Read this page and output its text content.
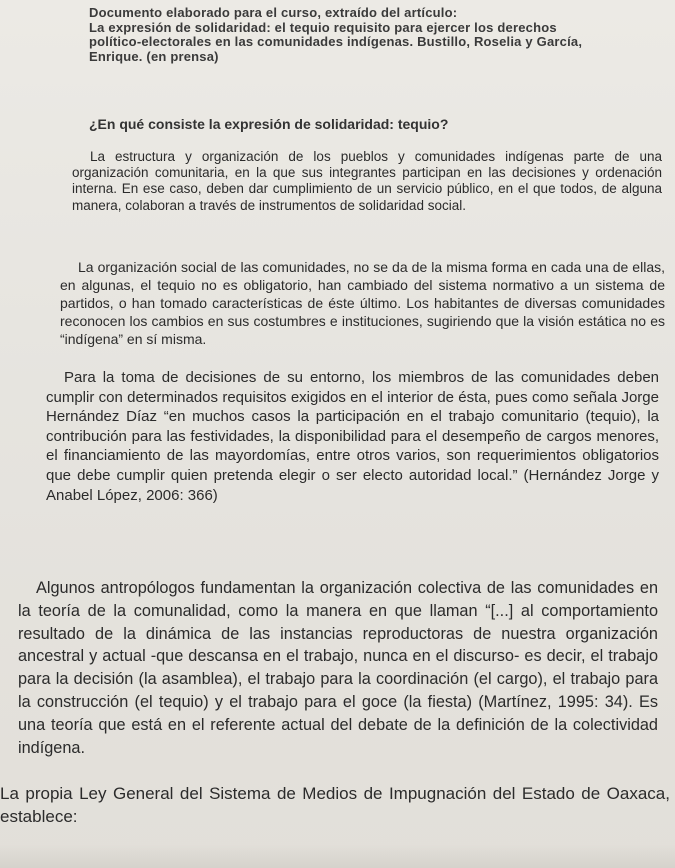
Documento elaborado para el curso, extraído del artículo:
La expresión de solidaridad: el tequio requisito para ejercer los derechos
político-electorales en las comunidades indígenas. Bustillo, Roselia y García,
Enrique. (en prensa)
¿En qué consiste la expresión de solidaridad: tequio?
La estructura y organización de los pueblos y comunidades indígenas parte de una organización comunitaria, en la que sus integrantes participan en las decisiones y ordenación interna. En ese caso, deben dar cumplimiento de un servicio público, en el que todos, de alguna manera, colaboran a través de instrumentos de solidaridad social.
La organización social de las comunidades, no se da de la misma forma en cada una de ellas, en algunas, el tequio no es obligatorio, han cambiado del sistema normativo a un sistema de partidos, o han tomado características de éste último. Los habitantes de diversas comunidades reconocen los cambios en sus costumbres e instituciones, sugiriendo que la visión estática no es “indígena” en sí misma.
Para la toma de decisiones de su entorno, los miembros de las comunidades deben cumplir con determinados requisitos exigidos en el interior de ésta, pues como señala Jorge Hernández Díaz “en muchos casos la participación en el trabajo comunitario (tequio), la contribución para las festividades, la disponibilidad para el desempeño de cargos menores, el financiamiento de las mayordomías, entre otros varios, son requerimientos obligatorios que debe cumplir quien pretenda elegir o ser electo autoridad local.” (Hernández Jorge y Anabel López, 2006: 366)
Algunos antropólogos fundamentan la organización colectiva de las comunidades en la teoría de la comunalidad, como la manera en que llaman “[...] al comportamiento resultado de la dinámica de las instancias reproductoras de nuestra organización ancestral y actual -que descansa en el trabajo, nunca en el discurso- es decir, el trabajo para la decisión (la asamblea), el trabajo para la coordinación (el cargo), el trabajo para la construcción (el tequio) y el trabajo para el goce (la fiesta) (Martínez, 1995: 34). Es una teoría que está en el referente actual del debate de la definición de la colectividad indígena.
La propia Ley General del Sistema de Medios de Impugnación del Estado de Oaxaca, establece:
